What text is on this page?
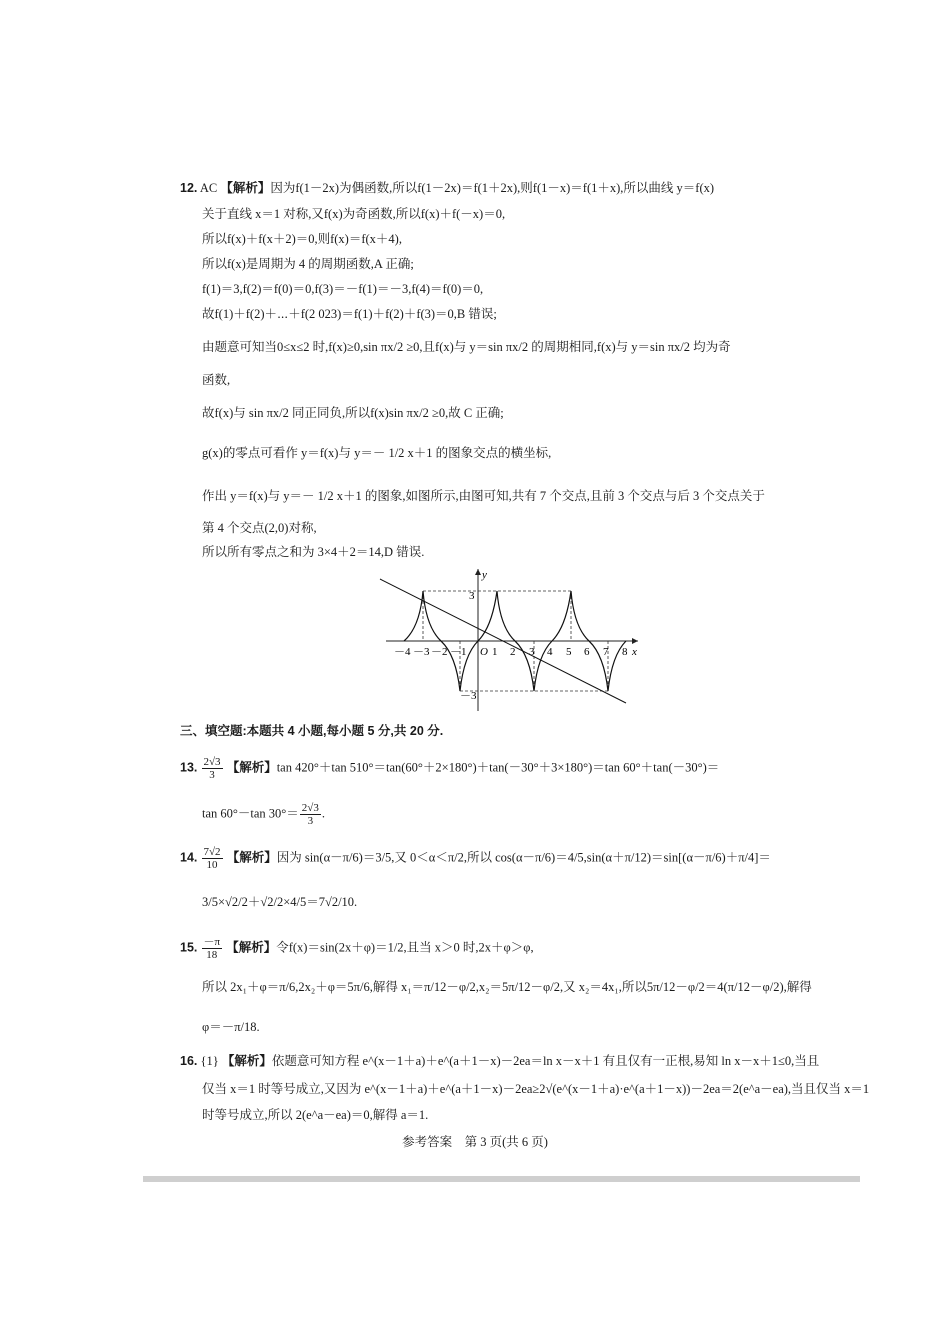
12. AC 【解析】因为f(1－2x)为偶函数,所以f(1－2x)＝f(1＋2x),则f(1－x)＝f(1＋x),所以曲线 y＝f(x)
关于直线 x＝1 对称,又f(x)为奇函数,所以f(x)＋f(－x)＝0,
所以f(x)＋f(x＋2)＝0,则f(x)＝f(x＋4),
所以f(x)是周期为 4 的周期函数,A 正确;
f(1)＝3,f(2)＝f(0)＝0,f(3)＝－f(1)＝－3,f(4)＝f(0)＝0,
故f(1)＋f(2)＋⋯＋f(2 023)＝f(1)＋f(2)＋f(3)＝0,B 错误;
由题意可知当0≤x≤2 时,f(x)≥0,sin πx/2 ≥0,且f(x)与 y＝sin πx/2 的周期相同,f(x)与 y＝sin πx/2 均为奇
函数,
故f(x)与 sin πx/2 同正同负,所以f(x)sin πx/2 ≥0,故 C 正确;
g(x)的零点可看作 y＝f(x)与 y＝－ 1/2 x＋1 的图象交点的横坐标,
作出 y＝f(x)与 y＝－ 1/2 x＋1 的图象,如图所示,由图可知,共有 7 个交点,且前 3 个交点与后 3 个交点关于
第 4 个交点(2,0)对称,
所以所有零点之和为 3×4＋2＝14,D 错误.
－4 －3 －2 －1 O 1 2 3 4 5 6 7 8 x
y
3
－3
三、填空题:本题共 4 小题,每小题 5 分,共 20 分.
13. $\frac{2√3}{3}$ 【解析】tan 420°＋tan 510°＝tan(60°＋2×180°)＋tan(－30°＋3×180°)＝tan 60°＋tan(－30°)＝
tan 60°－tan $30^\circ= \frac{2√3}{3}$ .
14. $\frac{7√2}{10}$ 【解析】因为 sin(α－π/6)＝3/5,又 0＜α＜π/2,所以 cos(α－π/6)＝4/5,sin(α＋π/12)＝sin[(α－π/6)＋π/4]＝
3/5×√2/2＋√2/2×4/5＝7√2/10.
15. $\frac{-\pi}{18}$ 【解析】令f(x)＝sin(2x＋φ)＝1/2,且当 x＞0 时,2x＋φ＞φ,
所以 2x₁＋φ＝π/6,2x₂＋φ＝5π/6,解得 x₁＝π/12－φ/2,x₂＝5π/12－φ/2,又 x₂＝4x₁,所以5π/12－φ/2＝4(π/12－φ/2),解得
φ＝－π/18.
16. {1} 【解析】依题意可知方程 e^(x－1＋a)＋e^(a＋1－x)－2ea＝ln x－x＋1 有且仅有一正根,易知 ln x－x＋1≤0,当且
仅当 x＝1 时等号成立,又因为 e^(x－1＋a)＋e^(a＋1－x)－2ea≥2√(e^(x－1＋a)·e^(a＋1－x))－2ea＝2(e^a－ea),当且仅当 x＝1
时等号成立,所以 2(e^a－ea)＝0,解得 a＝1.
参考答案　第 3 页(共 6 页)
